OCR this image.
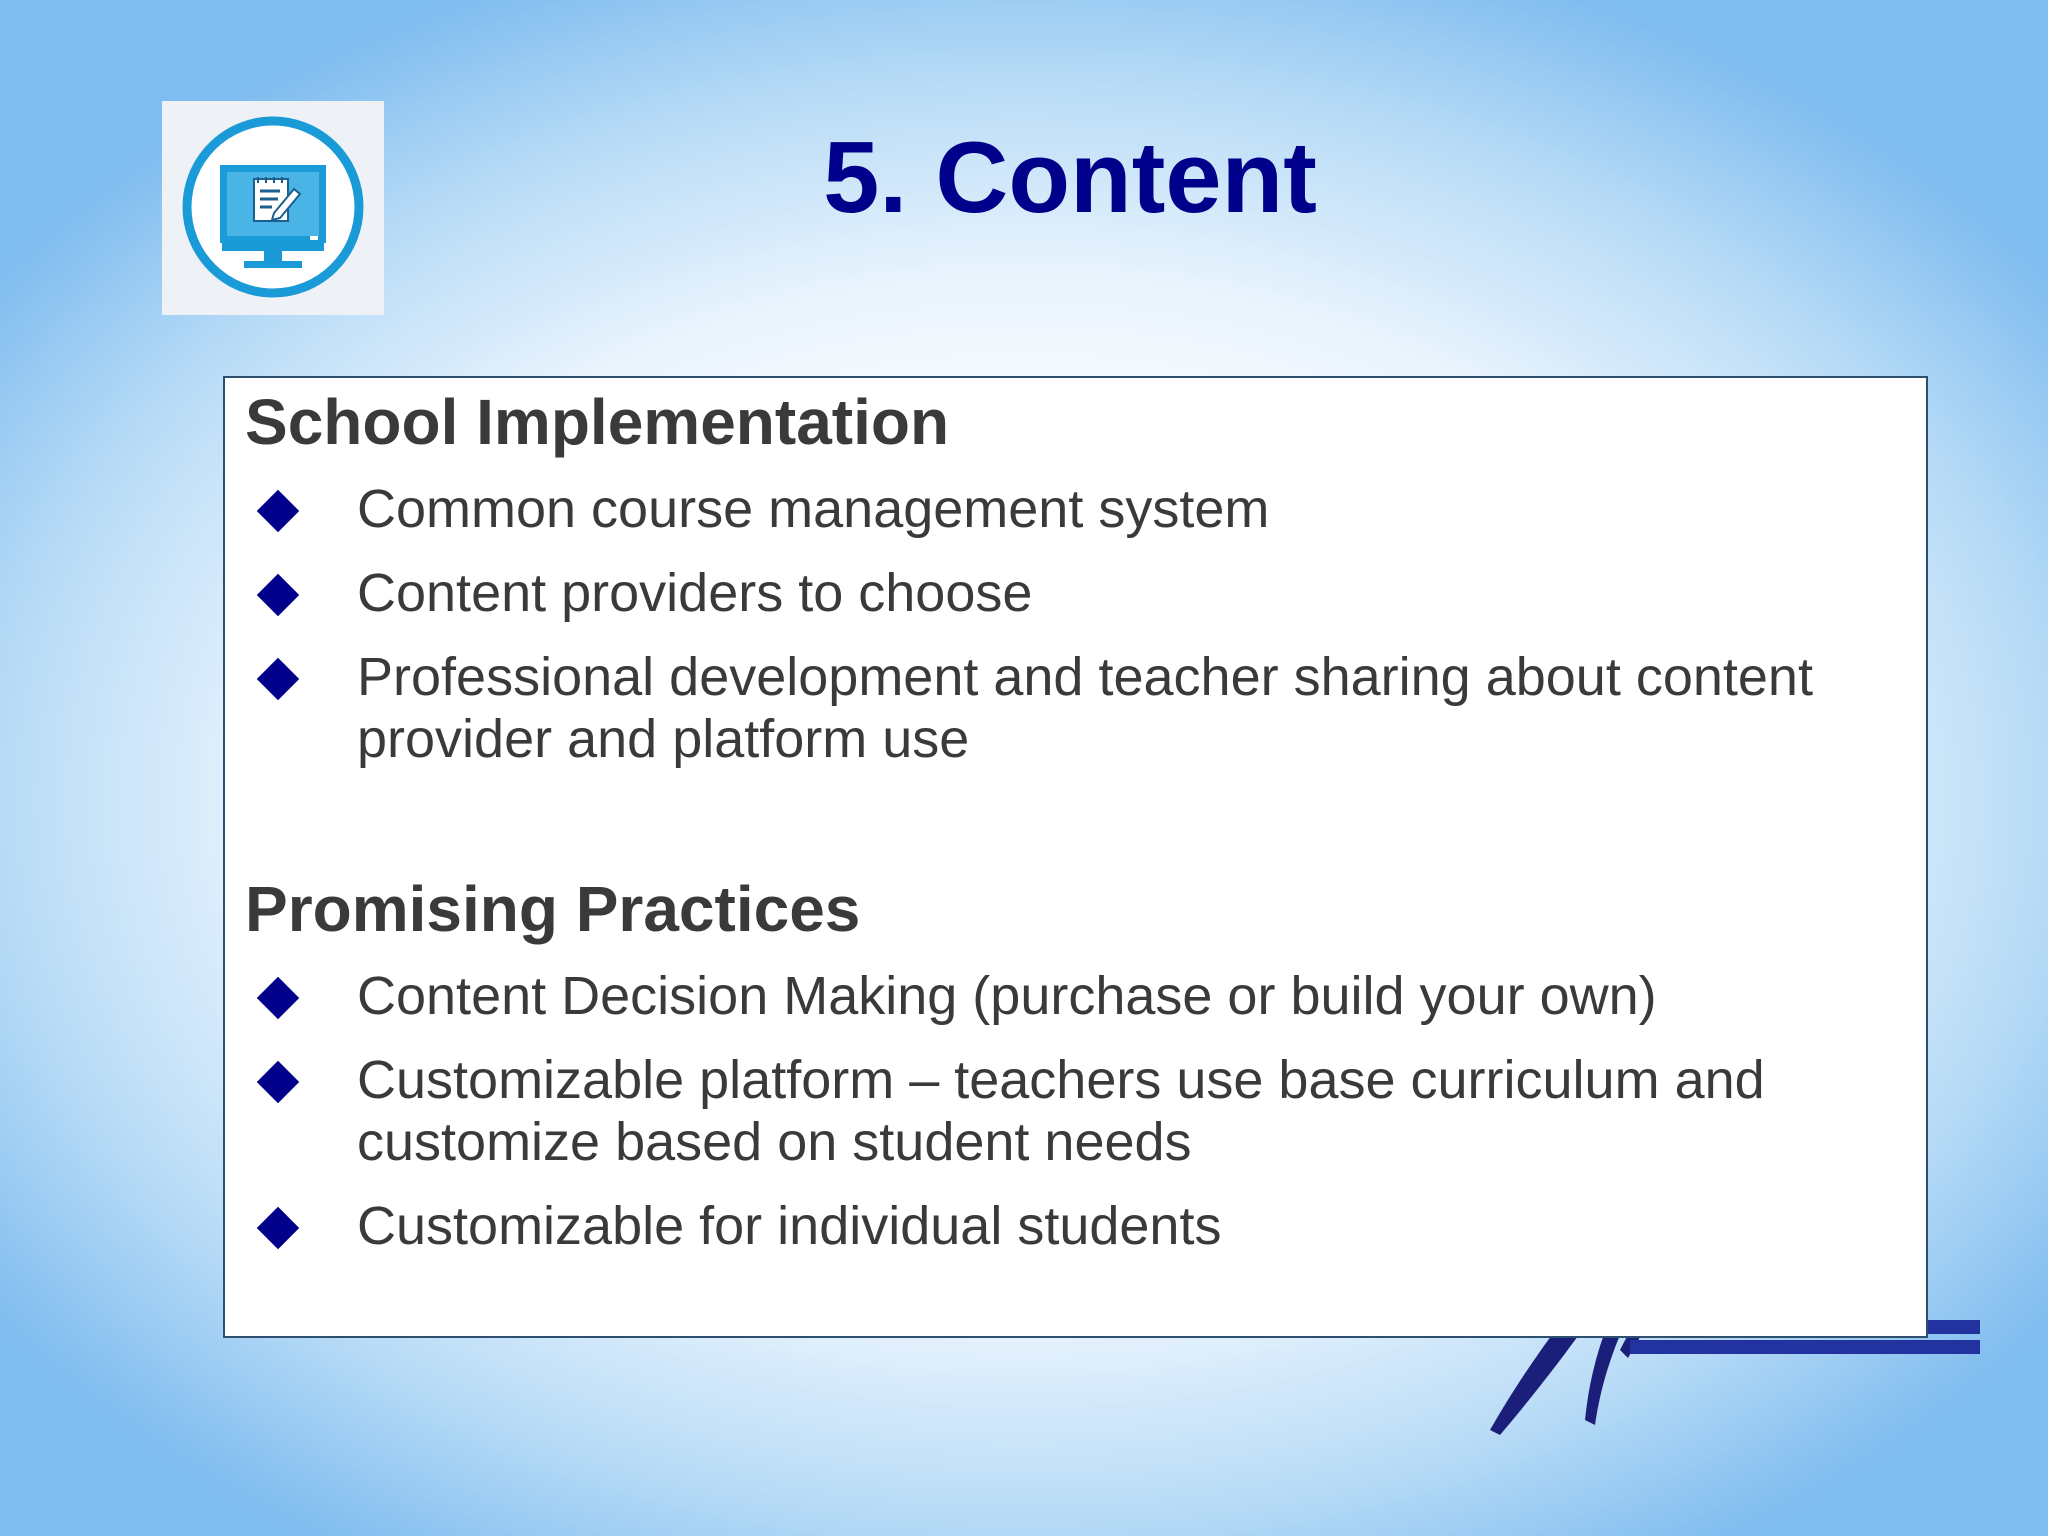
5. Content
School Implementation
Common course management system
Content providers to choose
Professional development and teacher sharing about content provider and platform use
Promising Practices
Content Decision Making (purchase or build your own)
Customizable platform – teachers use base curriculum and customize based on student needs
Customizable for individual students
